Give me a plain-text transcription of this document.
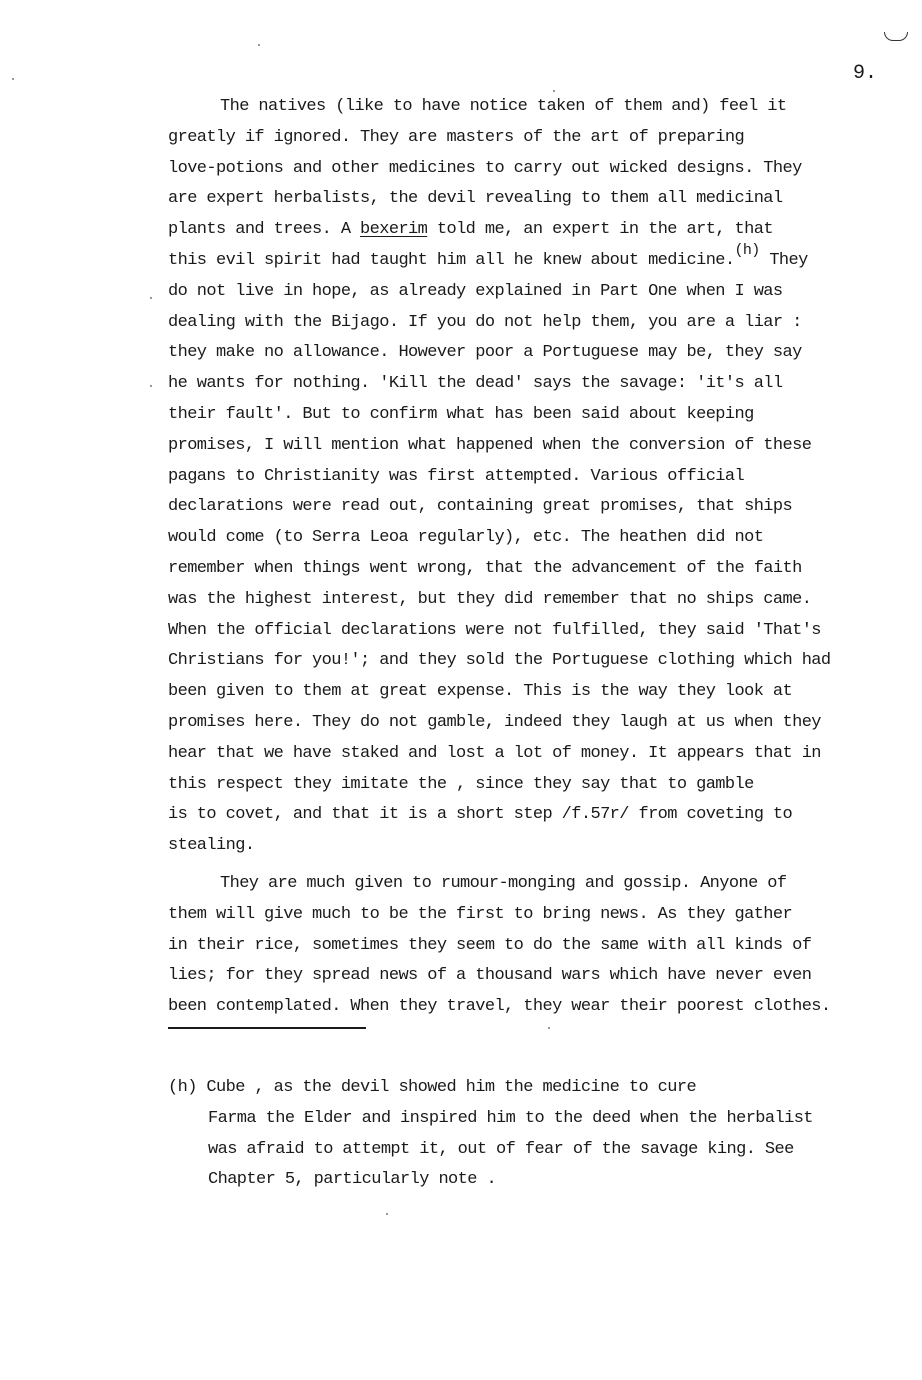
9.
The natives (like to have notice taken of them and) feel it
greatly if ignored. They are masters of the art of preparing
love-potions and other medicines to carry out wicked designs. They
are expert herbalists, the devil revealing to them all medicinal
plants and trees. A bexerim told me, an expert in the art, that
this evil spirit had taught him all he knew about medicine.(h) They
do not live in hope, as already explained in Part One when I was
dealing with the Bijago. If you do not help them, you are a liar :
they make no allowance. However poor a Portuguese may be, they say
he wants for nothing. 'Kill the dead' says the savage: 'it's all
their fault'. But to confirm what has been said about keeping
promises, I will mention what happened when the conversion of these
pagans to Christianity was first attempted. Various official
declarations were read out, containing great promises, that ships
would come (to Serra Leoa regularly), etc. The heathen did not
remember when things went wrong, that the advancement of the faith
was the highest interest, but they did remember that no ships came.
When the official declarations were not fulfilled, they said 'That's
Christians for you!'; and they sold the Portuguese clothing which had
been given to them at great expense. This is the way they look at
promises here. They do not gamble, indeed they laugh at us when they
hear that we have staked and lost a lot of money. It appears that in
this respect they imitate the , since they say that to gamble
is to covet, and that it is a short step /f.57r/ from coveting to
stealing.
They are much given to rumour-monging and gossip. Anyone of
them will give much to be the first to bring news. As they gather
in their rice, sometimes they seem to do the same with all kinds of
lies; for they spread news of a thousand wars which have never even
been contemplated. When they travel, they wear their poorest clothes.
(h) Cube , as the devil showed him the medicine to cure
Farma the Elder and inspired him to the deed when the herbalist
was afraid to attempt it, out of fear of the savage king. See
Chapter 5, particularly note .
